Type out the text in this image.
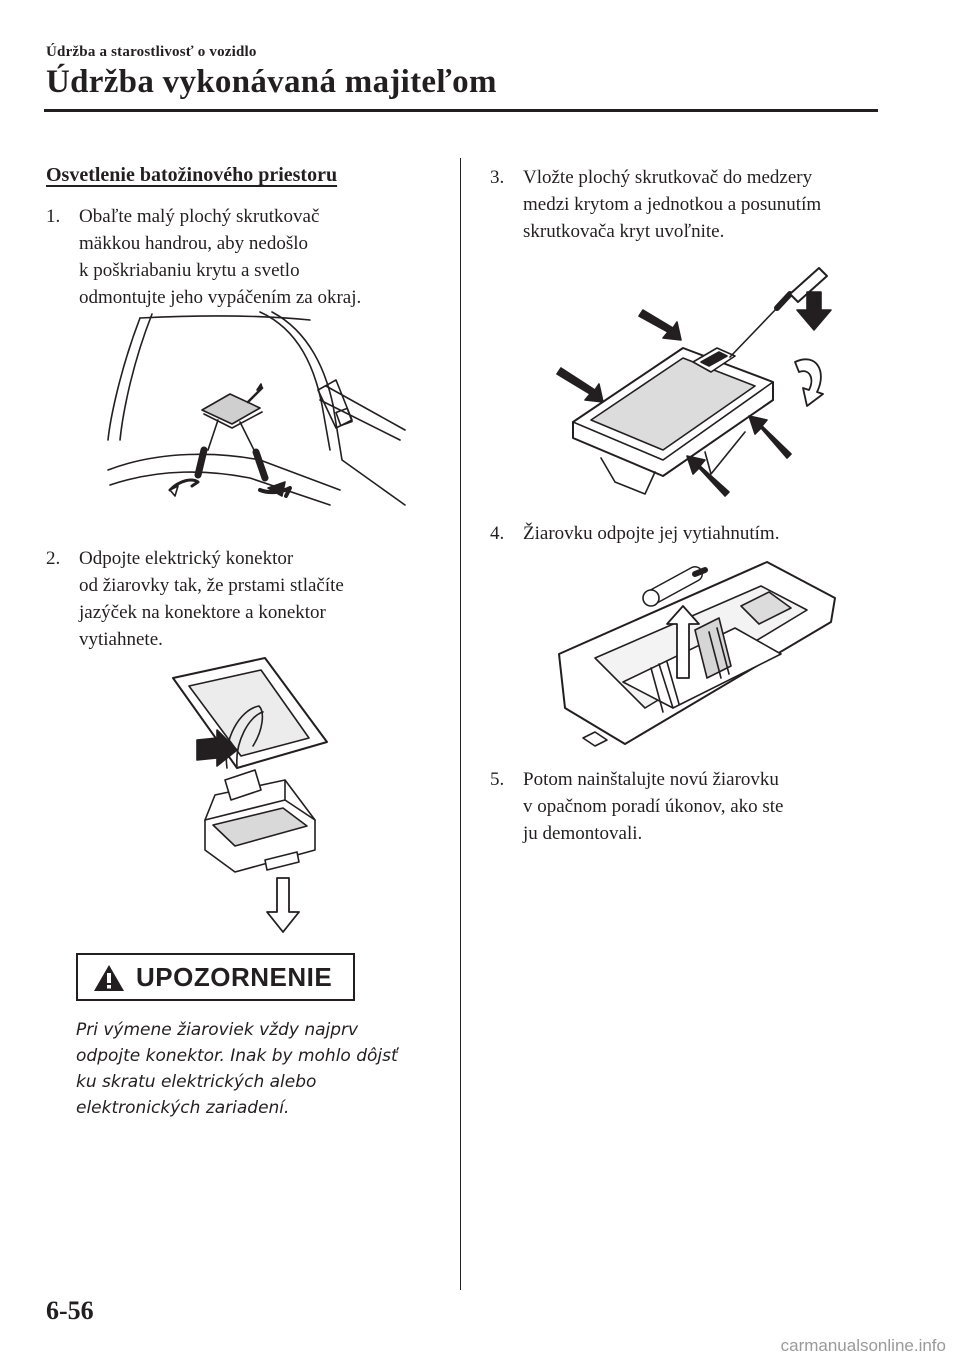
Údržba a starostlivosť o vozidlo
Údržba vykonávaná majiteľom
Osvetlenie batožinového priestoru
1. Obaľte malý plochý skrutkovač
mäkkou handrou, aby nedošlo
k poškriabaniu krytu a svetlo
odmontujte jeho vypáčením za okraj.
2. Odpojte elektrický konektor
od žiarovky tak, že prstami stlačíte
jazýček na konektore a konektor
vytiahnete.
UPOZORNENIE
Pri výmene žiaroviek vždy najprv
odpojte konektor. Inak by mohlo dôjsť
ku skratu elektrických alebo
elektronických zariadení.
3. Vložte plochý skrutkovač do medzery
medzi krytom a jednotkou a posunutím
skrutkovača kryt uvoľnite.
4. Žiarovku odpojte jej vytiahnutím.
5. Potom nainštalujte novú žiarovku
v opačnom poradí úkonov, ako ste
ju demontovali.
6-56
carmanualsonline.info
